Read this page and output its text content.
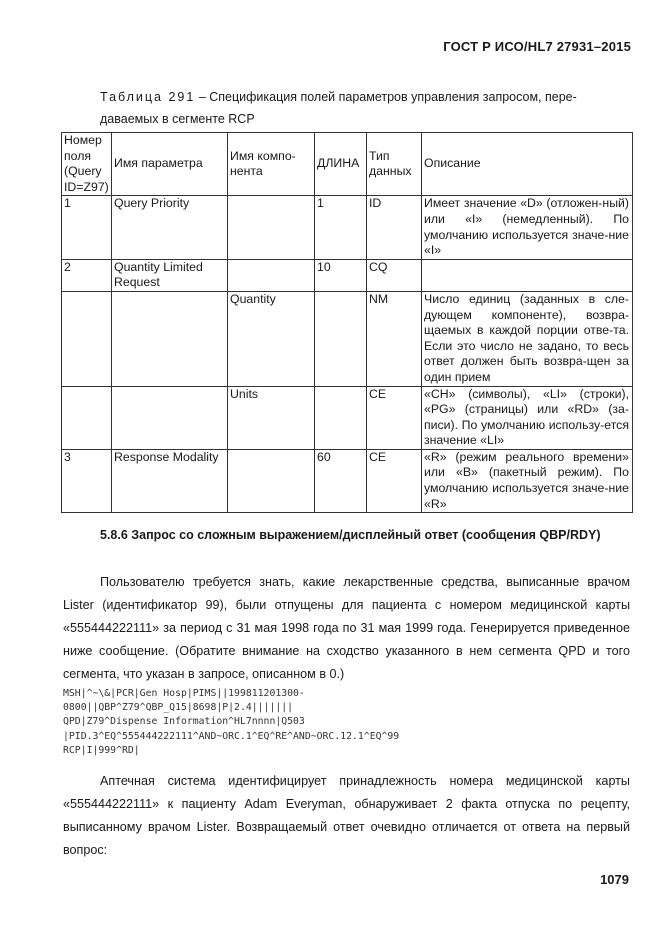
ГОСТ Р ИСО/HL7 27931–2015
Таблица 291 – Спецификация полей параметров управления запросом, пере-
даваемых в сегменте RCP
Номер поля (Query ID=Z97)	Имя параметра	Имя компо-нента	ДЛИНА	Тип данных	Описание
1	Query Priority		1	ID	Имеет значение «D» (отложен-ный) или «I» (немедленный). По умолчанию используется значе-ние «I»
2	Quantity Limited Request		10	CQ	
		Quantity		NM	Число единиц (заданных в сле-дующем компоненте), возвра-щаемых в каждой порции отве-та. Если это число не задано, то весь ответ должен быть возвра-щен за один прием
		Units		CE	«CH» (символы), «LI» (строки), «PG» (страницы) или «RD» (за-писи). По умолчанию использу-ется значение «LI»
3	Response Modality		60	CE	«R» (режим реального времени» или «B» (пакетный режим). По умолчанию используется значе-ние «R»
5.8.6 Запрос со сложным выражением/дисплейный ответ (сообщения QBP/RDY)
Пользователю требуется знать, какие лекарственные средства, выписанные врачом Lister (идентификатор 99), были отпущены для пациента с номером медицинской карты «555444222111» за период с 31 мая 1998 года по 31 мая 1999 года. Генерируется приведенное ниже сообщение. (Обратите внимание на сходство указанного в нем сегмента QPD и того сегмента, что указан в запросе, описанном в 0.)
MSH|^~\&|PCR|Gen Hosp|PIMS||199811201300-
0800||QBP^Z79^QBP_Q15|8698|P|2.4|||||||
QPD|Z79^Dispense Information^HL7nnnn|Q503
|PID.3^EQ^555444222111^AND~ORC.1^EQ^RE^AND~ORC.12.1^EQ^99
RCP|I|999^RD|
Аптечная система идентифицирует принадлежность номера медицинской карты «555444222111» к пациенту Adam Everyman, обнаруживает 2 факта отпуска по рецепту, выписанному врачом Lister. Возвращаемый ответ очевидно отличается от ответа на первый вопрос:
1079
